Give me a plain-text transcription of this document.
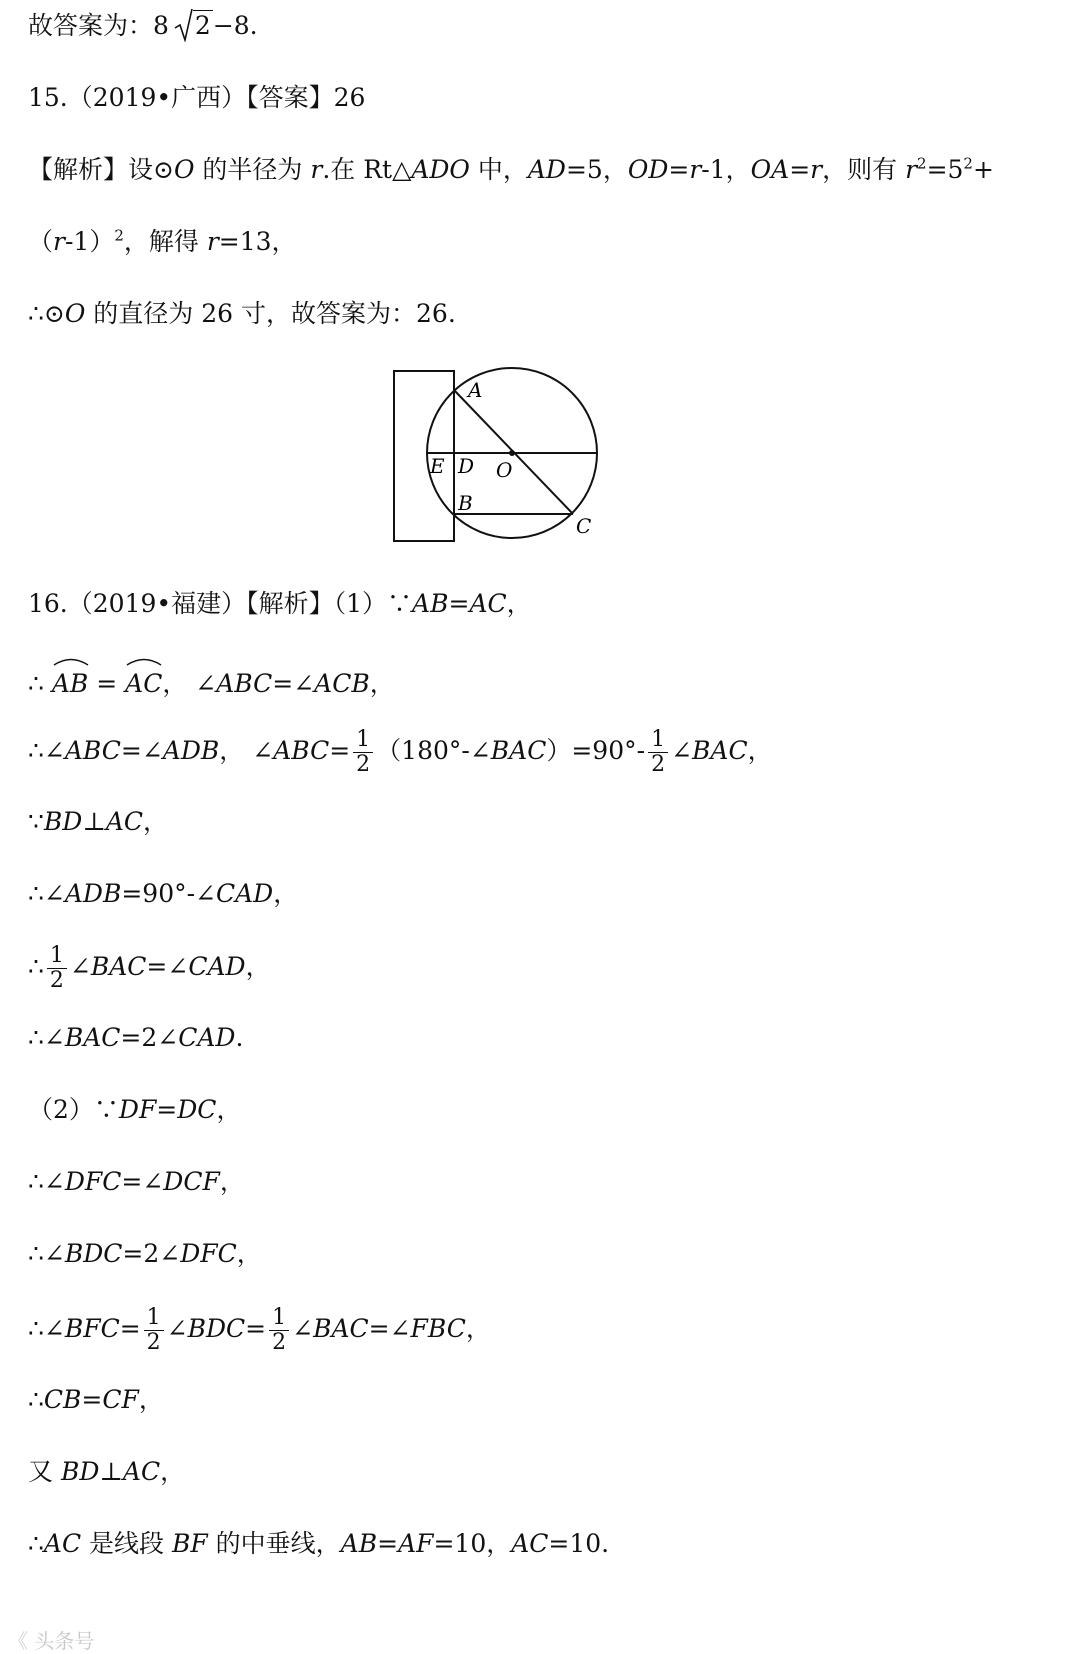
故答案为：8 2−8.
15.（2019•广西）【答案】26
【解析】设⊙O 的半径为 r.在 Rt△ADO 中，AD=5，OD=r-1，OA=r，则有 $r^2=5^2+$
$(r-1)^2$，解得 r=13，
∴⊙O 的直径为 26 寸，故答案为：26.
A
E D O
B
C
16.（2019•福建）【解析】（1）∵AB=AC，
∴
AB =
AC， ∠ABC=∠ACB，
∴∠ABC=∠ADB， ∠ABC= $\frac{1}{2}$ （180°-∠BAC）=90°- $\frac{1}{2}$ ∠BAC，
∵BD⊥AC，
∴∠ADB=90°-∠CAD，
∴ $\frac{1}{2}$ ∠BAC=∠CAD，
∴∠BAC=2∠CAD.
（2）∵DF=DC，
∴∠DFC=∠DCF，
∴∠BDC=2∠DFC，
∴∠BFC= $\frac{1}{2}$ ∠BDC= $\frac{1}{2}$ ∠BAC=∠FBC，
∴CB=CF，
又 BD⊥AC，
∴AC 是线段 BF 的中垂线，AB=AF=10，AC=10.
《 头条号
